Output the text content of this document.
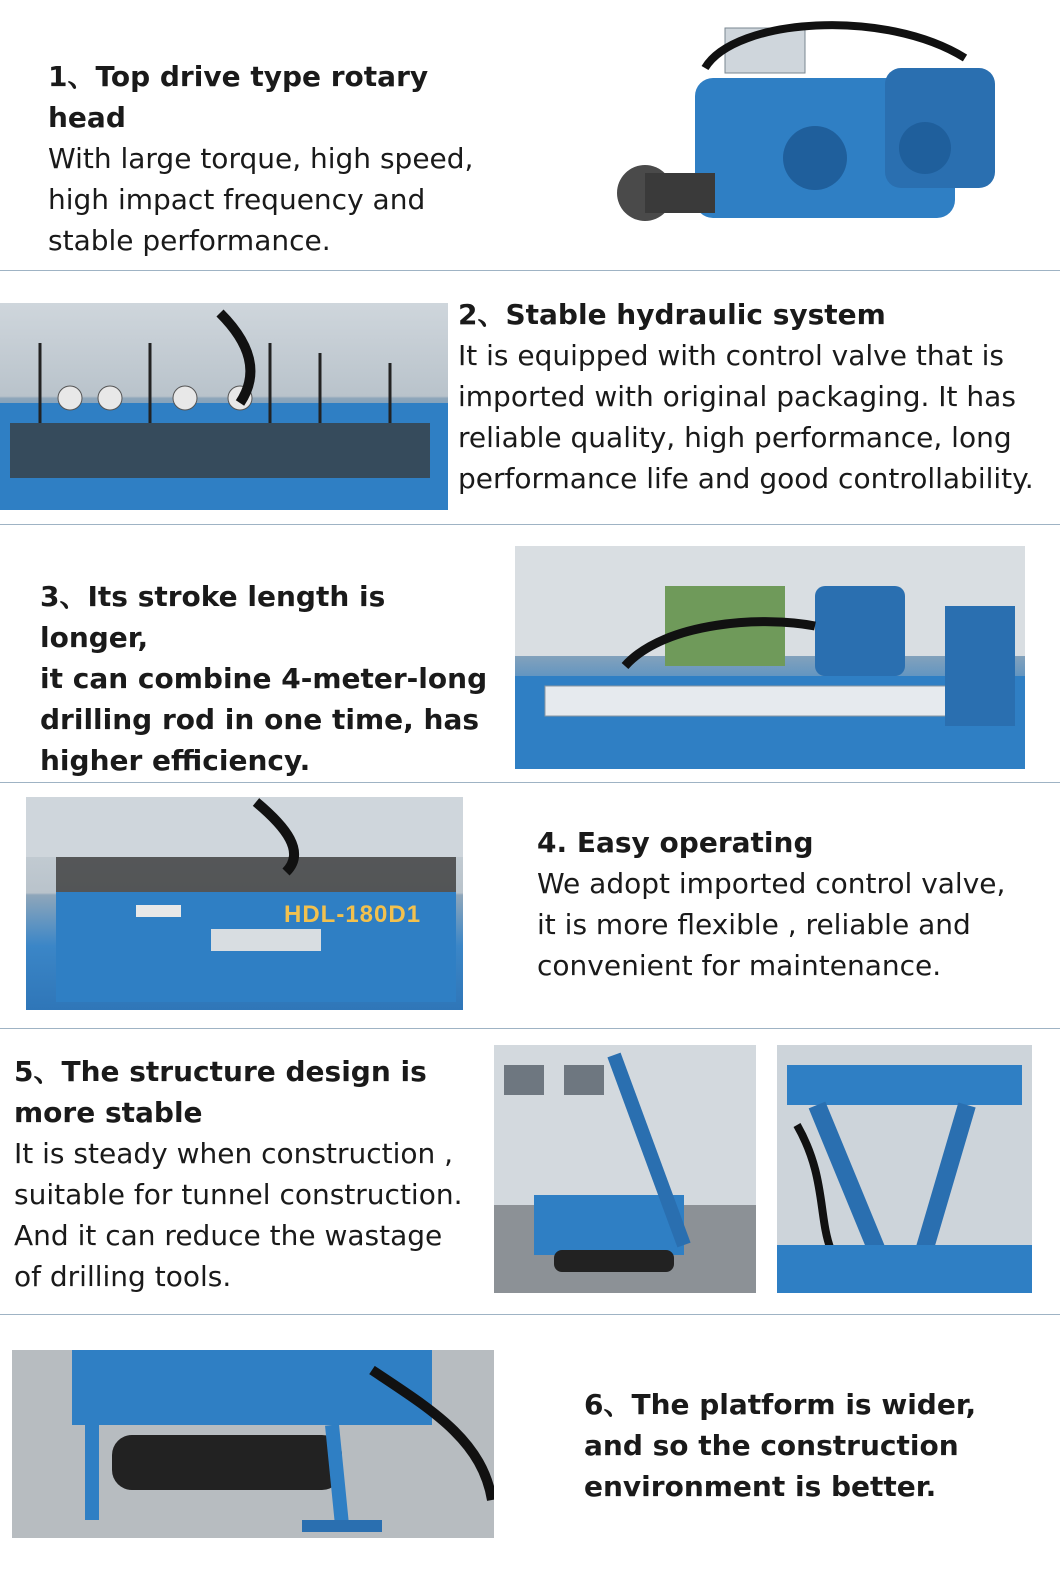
1、Top drive type rotary head
With large torque, high speed,
high impact frequency and
stable performance.
2、Stable hydraulic system
It is equipped with control valve that is
imported with original packaging. It has
reliable quality, high performance, long
performance life and good controllability.
3、Its stroke length is longer,
it can combine 4-meter-long
drilling rod in one time, has
higher efficiency.
HDL-180D1
4. Easy operating
We adopt imported control valve,
it is more flexible , reliable and
convenient for maintenance.
5、The structure design is
more stable
It is steady when construction ,
suitable for tunnel construction.
And it can reduce the wastage
of drilling tools.
6、The platform is wider,
and so the construction
environment is better.
